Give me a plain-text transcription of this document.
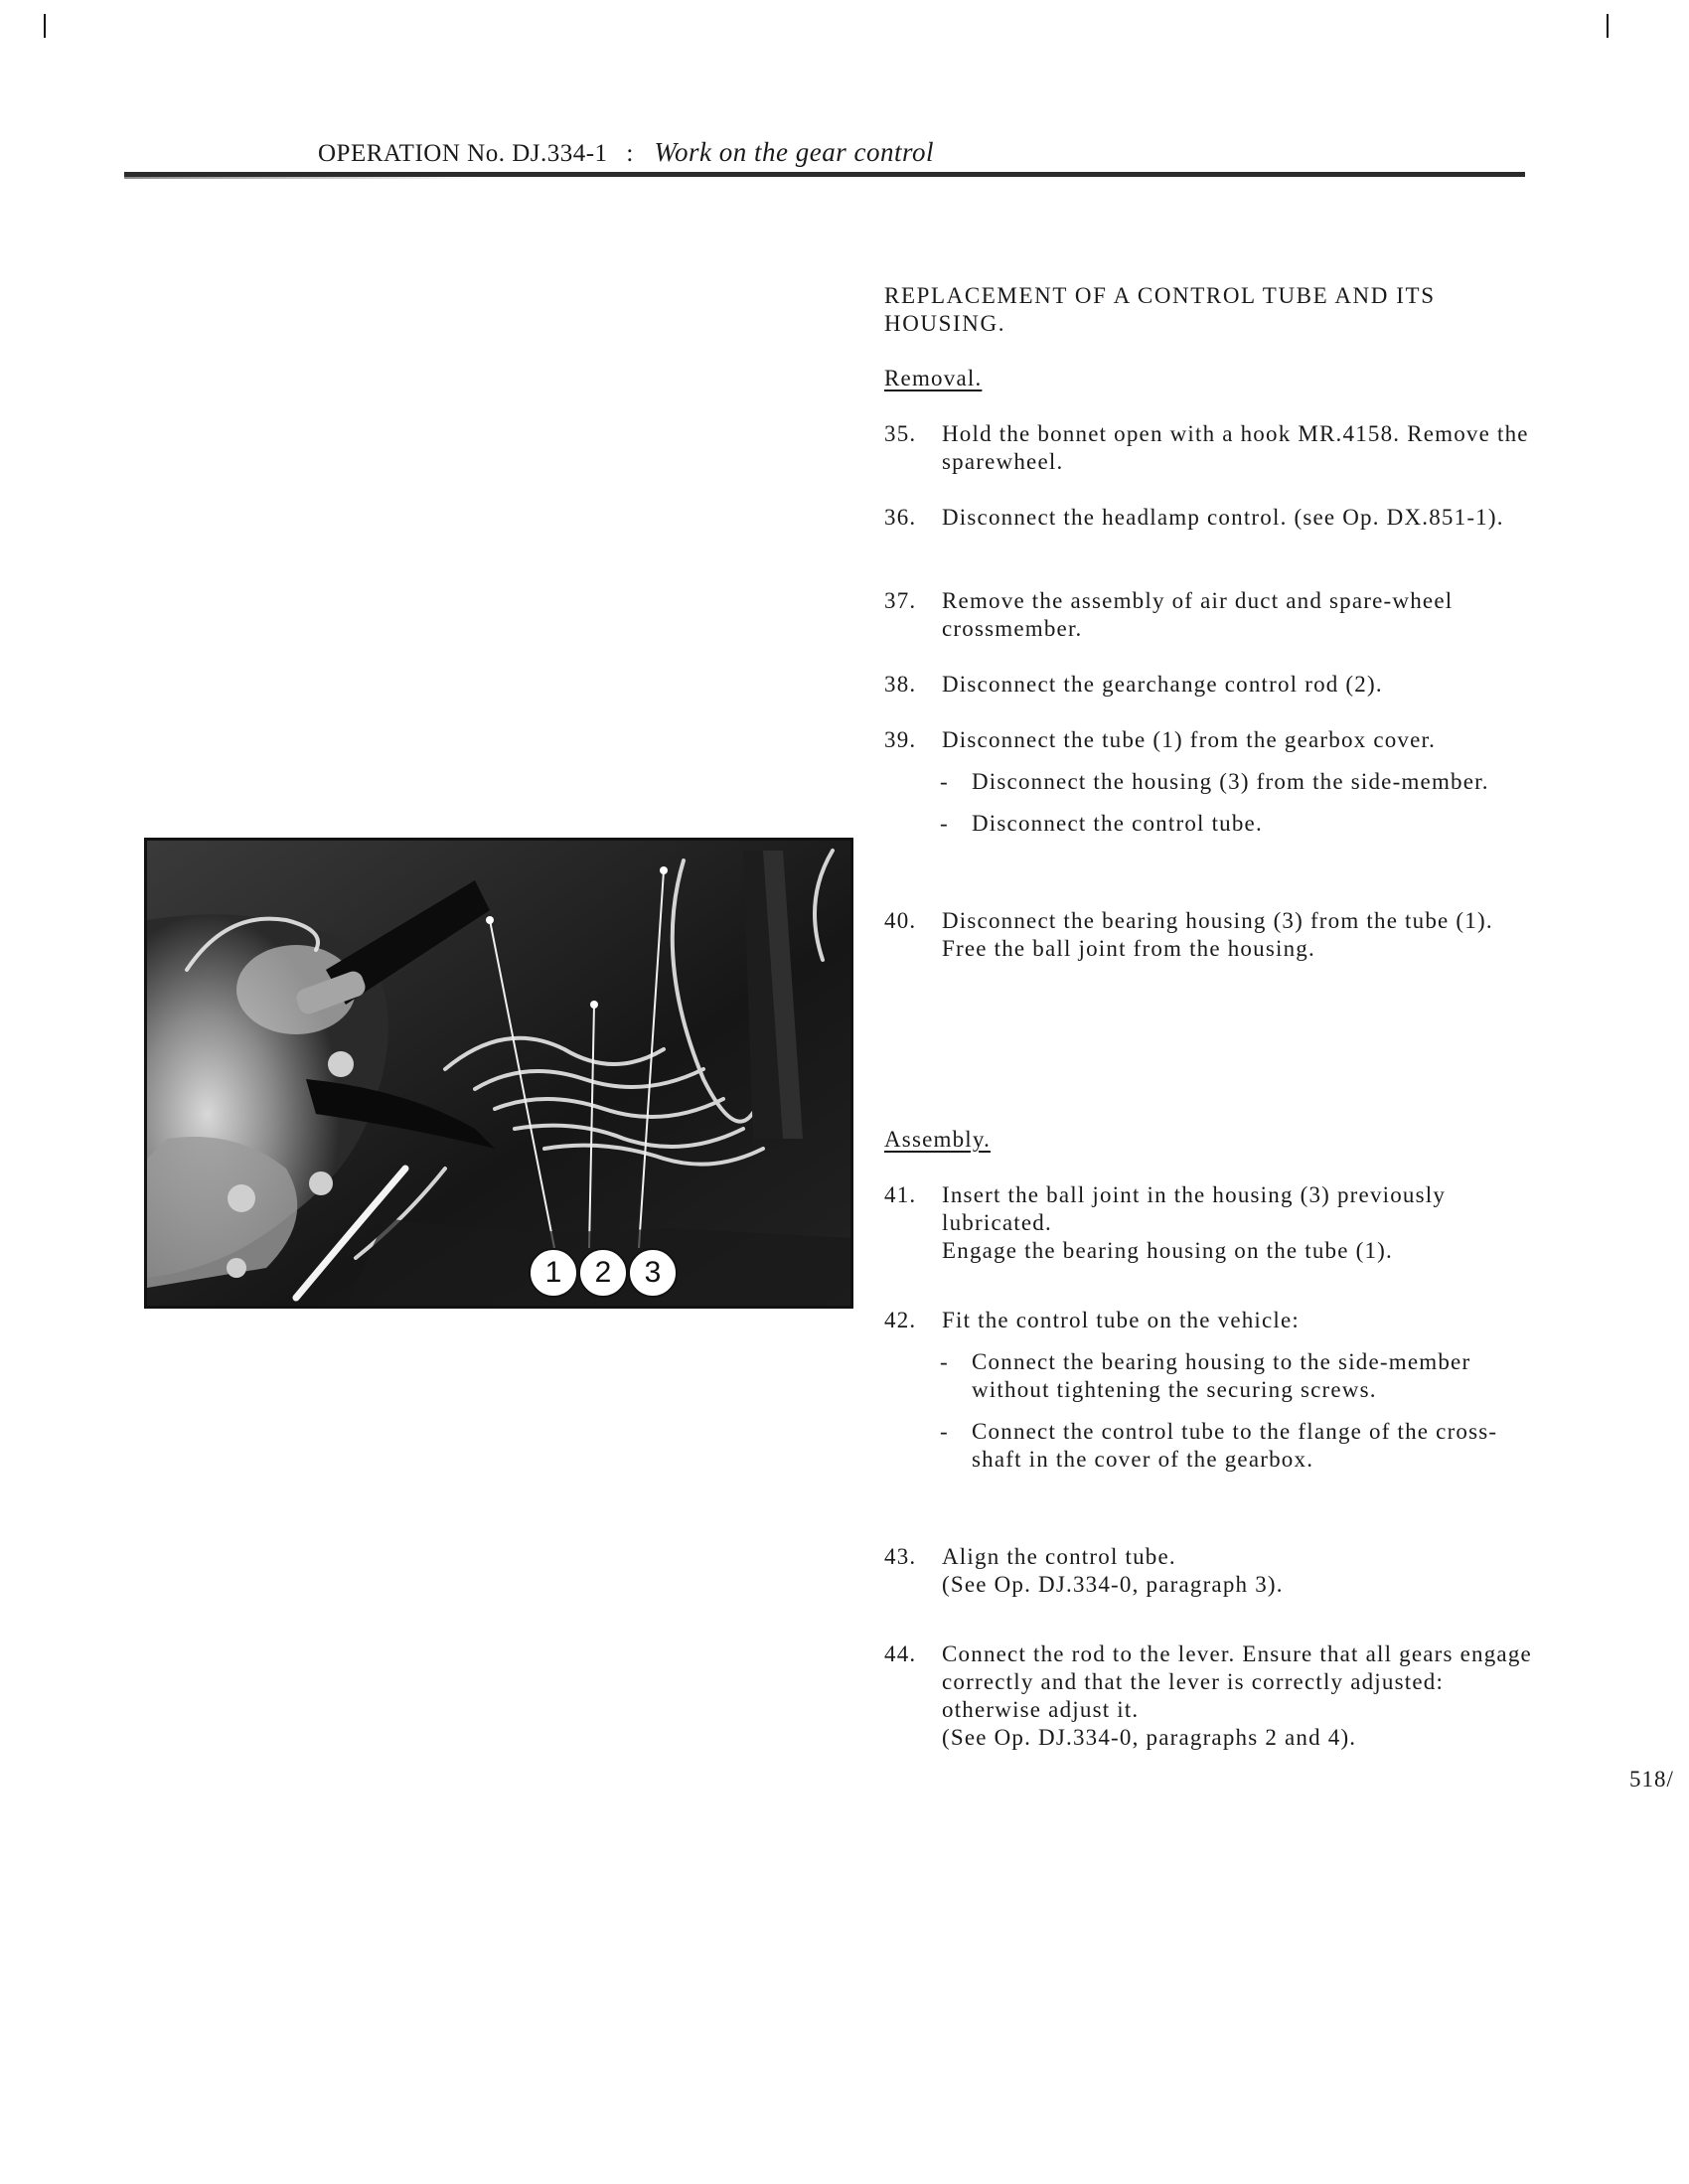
OPERATION No. DJ.334-1 : Work on the gear control
REPLACEMENT OF A CONTROL TUBE AND ITS HOUSING.
Removal.
35.	Hold the bonnet open with a hook MR.4158. Remove the sparewheel.
36.	Disconnect the headlamp control. (see Op. DX.851-1).
37.	Remove the assembly of air duct and spare-wheel crossmember.
38.	Disconnect the gearchange control rod (2).
39.	Disconnect the tube (1) from the gearbox cover.
-	Disconnect the housing (3) from the side-member.
-	Disconnect the control tube.
40.	Disconnect the bearing housing (3) from the tube (1).
Free the ball joint from the housing.
Assembly.
41.	Insert the ball joint in the housing (3) previously lubricated.
Engage the bearing housing on the tube (1).
42.	Fit the control tube on the vehicle:
-	Connect the bearing housing to the side-member without tightening the securing screws.
-	Connect the control tube to the flange of the cross-shaft in the cover of the gearbox.
43.	Align the control tube.
(See Op. DJ.334-0, paragraph 3).
44.	Connect the rod to the lever. Ensure that all gears engage correctly and that the lever is correctly adjusted: otherwise adjust it.
(See Op. DJ.334-0, paragraphs 2 and 4).
518/
1 2 3
